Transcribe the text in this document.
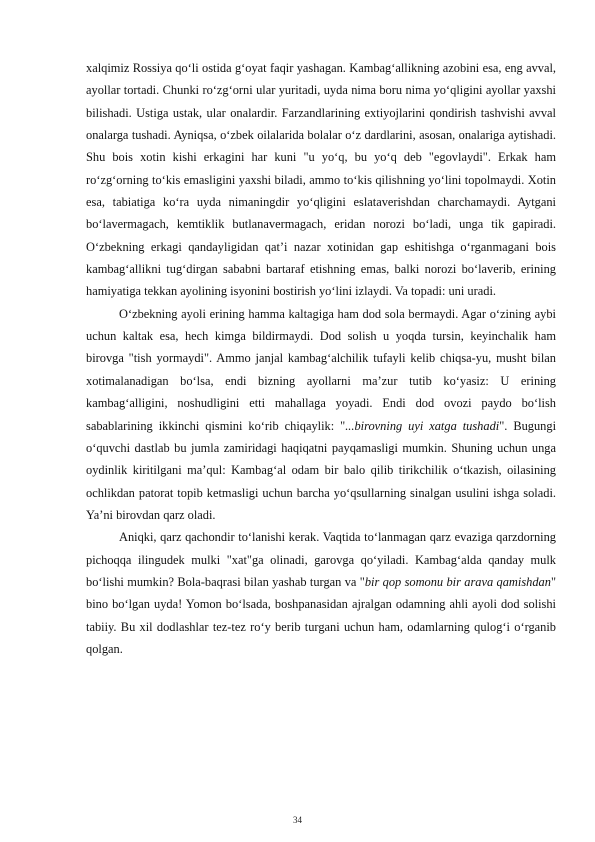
xalqimiz Rossiya qo‘li ostida g‘oyat faqir yashagan. Kambag‘allikning azobini esa, eng avval, ayollar tortadi. Chunki ro‘zg‘orni ular yuritadi, uyda nima boru nima yo‘qligini ayollar yaxshi bilishadi. Ustiga ustak, ular onalardir. Farzandlarining extiyojlarini qondirish tashvishi avval onalarga tushadi. Ayniqsa, o‘zbek oilalarida bolalar o‘z dardlarini, asosan, onalariga aytishadi. Shu bois xotin kishi erkagini har kuni "u yo‘q, bu yo‘q deb "egovlaydi". Erkak ham ro‘zg‘orning to‘kis emasligini yaxshi biladi, ammo to‘kis qilishning yo‘lini topolmaydi. Xotin esa, tabiatiga ko‘ra uyda nimaningdir yo‘qligini eslataverishdan charchamaydi. Aytgani bo‘lavermagach, kemtiklik butlanavermagach, eridan norozi bo‘ladi, unga tik gapiradi. O‘zbekning erkagi qandayligidan qat’i nazar xotinidan gap eshitishga o‘rganmagani bois kambag‘allikni tug‘dirgan sababni bartaraf etishning emas, balki norozi bo‘laverib, erining hamiyatiga tekkan ayolining isyonini bostirish yo‘lini izlaydi. Va topadi: uni uradi.

O‘zbekning ayoli erining hamma kaltagiga ham dod sola bermaydi. Agar o‘zining aybi uchun kaltak esa, hech kimga bildirmaydi. Dod solish u yoqda tursin, keyinchalik ham birovga "tish yormaydi". Ammo janjal kambag‘alchilik tufayli kelib chiqsa-yu, musht bilan xotimalanadigan bo‘lsa, endi bizning ayollarni ma’zur tutib ko‘yasiz: U erining kambag‘alligini, noshudligini etti mahallaga yoyadi. Endi dod ovozi paydo bo‘lish sabablarining ikkinchi qismini ko‘rib chiqaylik: "...birovning uyi xatga tushadi". Bugungi o‘quvchi dastlab bu jumla zamiridagi haqiqatni payqamasligi mumkin. Shuning uchun unga oydinlik kiritilgani ma’qul: Kambag‘al odam bir balo qilib tirikchilik o‘tkazish, oilasining ochlikdan patorat topib ketmasligi uchun barcha yo‘qsullarning sinalgan usulini ishga soladi. Ya’ni birovdan qarz oladi.

Aniqki, qarz qachondir to‘lanishi kerak. Vaqtida to‘lanmagan qarz evaziga qarzdorning pichoqqa ilingudek mulki "xat"ga olinadi, garovga qo‘yiladi. Kambag‘alda qanday mulk bo‘lishi mumkin? Bola-baqrasi bilan yashab turgan va "bir qop somonu bir arava qamishdan" bino bo‘lgan uyda! Yomon bo‘lsada, boshpanasidan ajralgan odamning ahli ayoli dod solishi tabiiy. Bu xil dodlashlar tez-tez ro‘y berib turgani uchun ham, odamlarning qulog‘i o‘rganib qolgan.

34
